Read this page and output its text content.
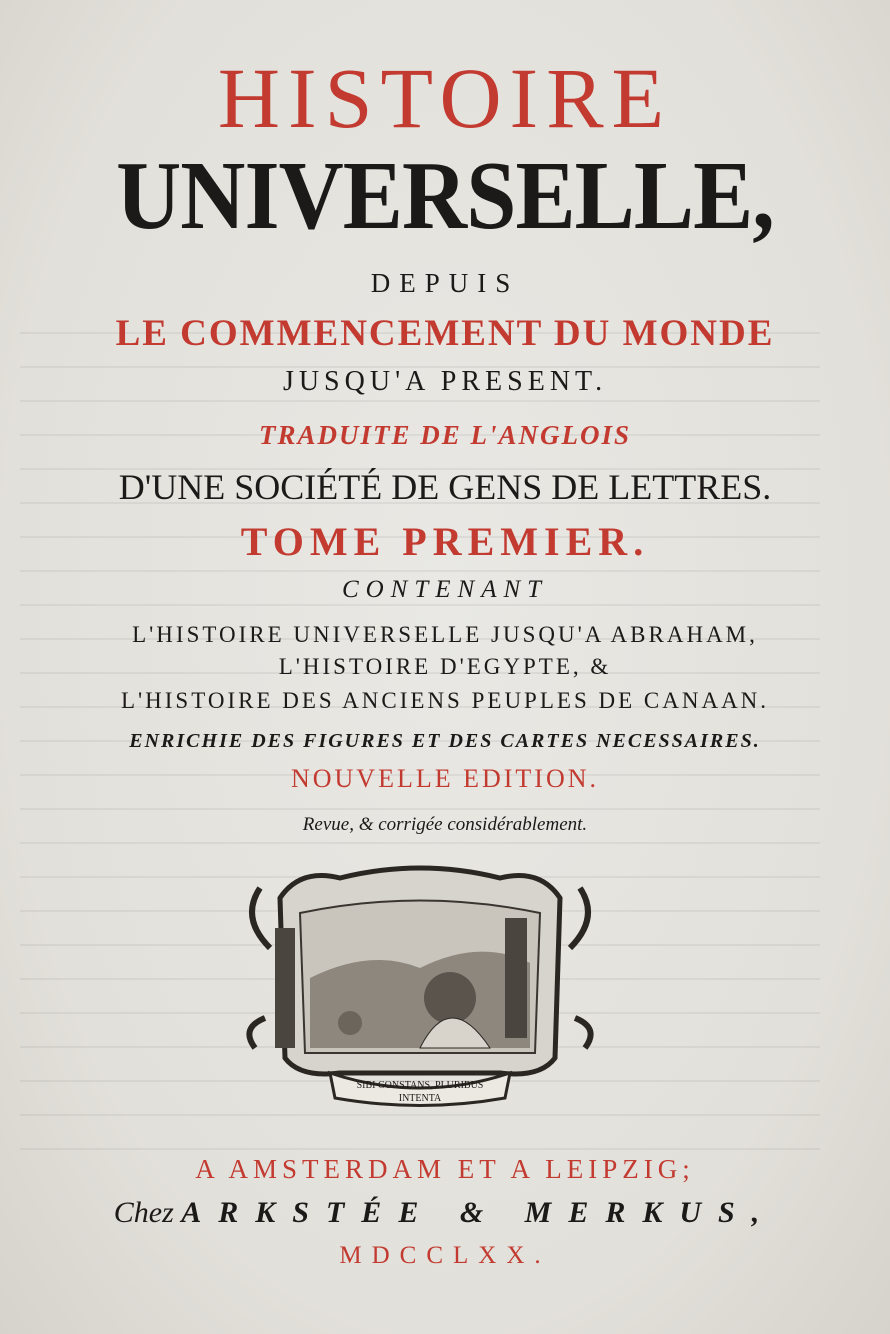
HISTOIRE
UNIVERSELLE,
DEPUIS
LE COMMENCEMENT DU MONDE
JUSQU'A PRESENT.
TRADUITE DE L'ANGLOIS
D'UNE SOCIÉTÉ DE GENS DE LETTRES.
TOME PREMIER.
CONTENANT
L'HISTOIRE UNIVERSELLE JUSQU'A ABRAHAM,
L'HISTOIRE D'EGYPTE, &
L'HISTOIRE DES ANCIENS PEUPLES DE CANAAN.
ENRICHIE DES FIGURES ET DES CARTES NECESSAIRES.
NOUVELLE EDITION.
Revue, & corrigée considérablement.
SIBI CONSTANS, PLURIBUS
INTENTA
A AMSTERDAM ET A LEIPZIG;
Chez ARKSTÉE & MERKUS,
MDCCLXX.
